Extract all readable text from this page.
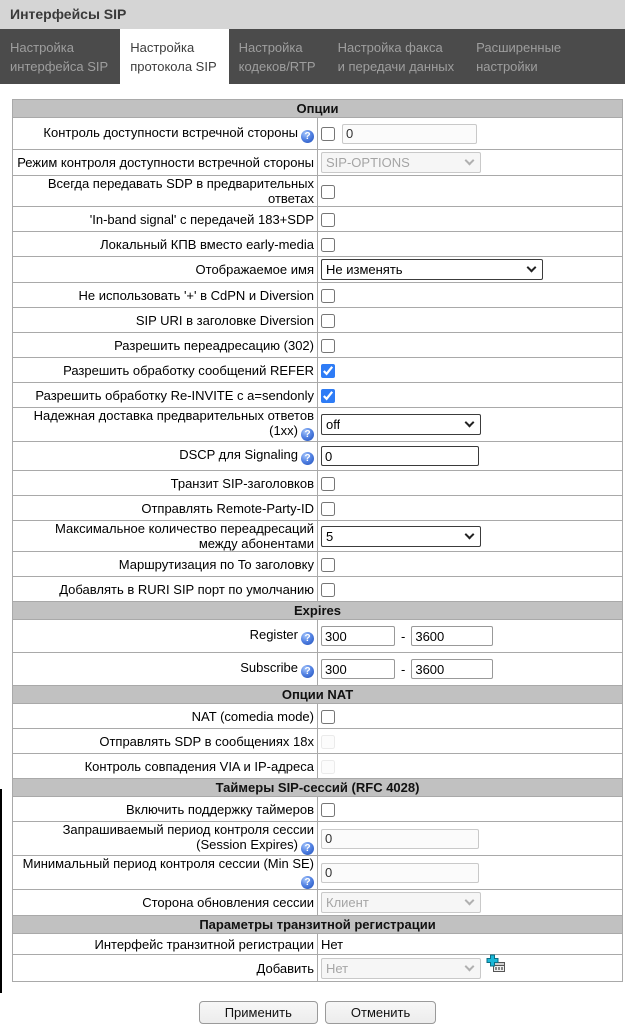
Интерфейсы SIP
Настройка
интерфейса SIP
Настройка
протокола SIP
Настройка
кодеков/RTP
Настройка факса
и передачи данных
Расширенные
настройки
Опции	
Контроль доступности встречной стороны ?	0
Режим контроля доступности встречной стороны	SIP-OPTIONS

Всегда передавать SDP в предварительных ответах	
'In-band signal' с передачей 183+SDP	
Локальный КПВ вместо early-media	
Отображаемое имя	Не изменять

Не использовать '+' в CdPN и Diversion	
SIP URI в заголовке Diversion	
Разрешить переадресацию (302)	
Разрешить обработку сообщений REFER	
Разрешить обработку Re-INVITE с a=sendonly	
Надежная доставка предварительных ответов (1xx) ?	off

DSCP для Signaling ?	0
Транзит SIP-заголовков	
Отправлять Remote-Party-ID	
Максимальное количество переадресаций между абонентами	5

Маршрутизация по To заголовку	
Добавлять в RURI SIP порт по умолчанию	
Expires	
Register ?	300-3600
Subscribe ?	300-3600
Опции NAT	
NAT (comedia mode)	
Отправлять SDP в сообщениях 18x	
Контроль совпадения VIA и IP-адреса	
Таймеры SIP-сессий (RFC 4028)	
Включить поддержку таймеров	
Запрашиваемый период контроля сессии (Session Expires) ?	0
Минимальный период контроля сессии (Min SE)?	0
Сторона обновления сессии	Клиент

Параметры транзитной регистрации	
Интерфейс транзитной регистрации	Нет
Добавить	Нет
Применить	Отменить
